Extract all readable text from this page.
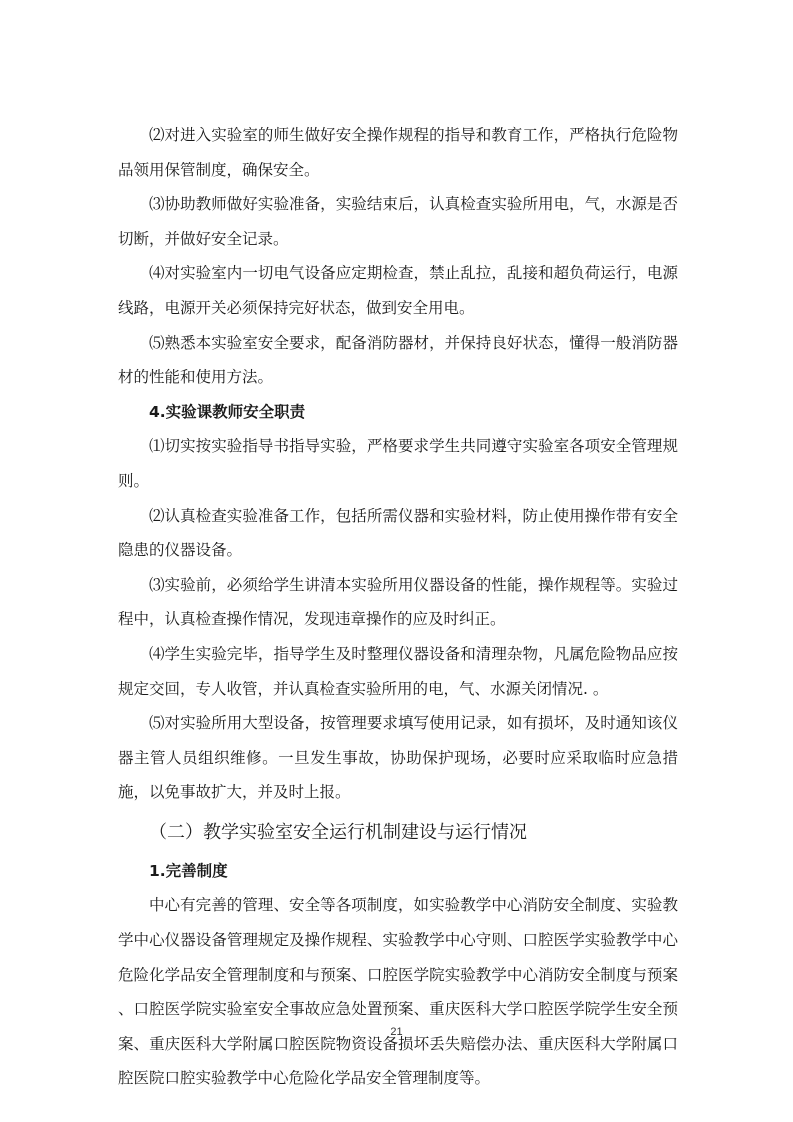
⑵对进入实验室的师生做好安全操作规程的指导和教育工作，严格执行危险物品领用保管制度，确保安全。

⑶协助教师做好实验准备，实验结束后，认真检查实验所用电，气，水源是否切断，并做好安全记录。

⑷对实验室内一切电气设备应定期检查，禁止乱拉，乱接和超负荷运行，电源线路，电源开关必须保持完好状态，做到安全用电。

⑸熟悉本实验室安全要求，配备消防器材，并保持良好状态，懂得一般消防器材的性能和使用方法。

4.实验课教师安全职责

⑴切实按实验指导书指导实验，严格要求学生共同遵守实验室各项安全管理规则。

⑵认真检查实验准备工作，包括所需仪器和实验材料，防止使用操作带有安全隐患的仪器设备。

⑶实验前，必须给学生讲清本实验所用仪器设备的性能，操作规程等。实验过程中，认真检查操作情况，发现违章操作的应及时纠正。

⑷学生实验完毕，指导学生及时整理仪器设备和清理杂物，凡属危险物品应按规定交回，专人收管，并认真检查实验所用的电，气、水源关闭情况. 。

⑸对实验所用大型设备，按管理要求填写使用记录，如有损坏，及时通知该仪器主管人员组织维修。一旦发生事故，协助保护现场，必要时应采取临时应急措施，以免事故扩大，并及时上报。

（二）教学实验室安全运行机制建设与运行情况

1.完善制度

中心有完善的管理、安全等各项制度，如实验教学中心消防安全制度、实验教学中心仪器设备管理规定及操作规程、实验教学中心守则、口腔医学实验教学中心危险化学品安全管理制度和与预案、口腔医学院实验教学中心消防安全制度与预案 、口腔医学院实验室安全事故应急处置预案、重庆医科大学口腔医学院学生安全预案、重庆医科大学附属口腔医院物资设备损坏丢失赔偿办法、重庆医科大学附属口腔医院口腔实验教学中心危险化学品安全管理制度等。

21
